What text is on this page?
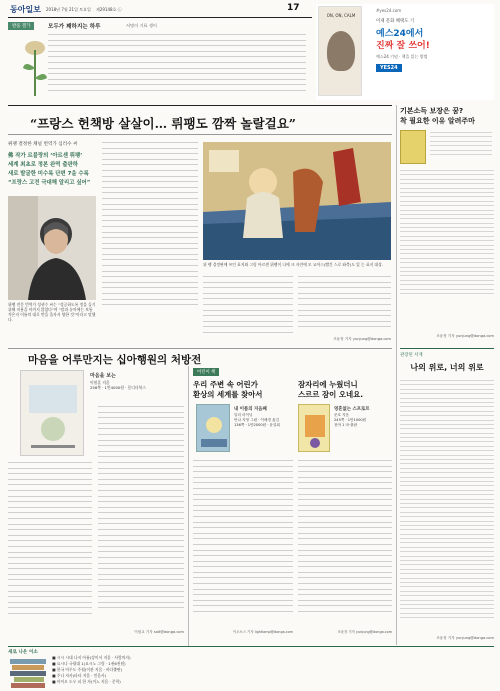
동아일보 2018년 7월 21일 토요일 제29148호 ㉡	17
발품 갤가	모두가 꽤하지는 하루	서명이 기표 생이
ON, ON, CALM
#yes24.com
이제 문화 혜택도 기
예스24에서
진짜 잘 쓰어!
예스24 기념 · 책을 읽는 방법
YES24
“프랑스 헌책방 살살이… 뤼팽도 깜짝 놀랄걸요”
뤼팽 결정한 채널 번역가 심러수 씨
佛 작가 르블랑의 ‘아르센 뤼팽’
세계 최초로 정본 완역 출판하
새로 발굴한 미수록 단편 7을 수록
“프랑스 고전 극대해 알리고 싶어”
뤼팽 전문 번역가 성귀수 씨는 “성공하도록 정을 들기 위해 비용을 아끼지 않았다”며 “말과 유마에는 보통 적은지 이름의 대로 반을 올자서 양한 것”이라고 말했다.
위 팽 결정판에 쓰인 표지와 그림 아르센 뤼팽이 나에 크 자전에 모 요어스(빨간 스로 좌측)도 있 는 표지 대상.
조윤정 기자 yunjung@donga.com
기본소득 보장은 꿈?
착 필요한 이유 알려주마
조윤정 기자 yunjung@donga.com
관장된 서재
나의 위로, 너의 위로
조윤정 기자 yunjung@donga.com
마음을 어루만지는 십아행원의 처방전
마음을 보는
이원훈 지음
256쪽 · 1만4000원 · 몽디더북스
이원교 기자 salt@donga.com
어린이 책
우리 주변 속 어린가
환상의 세계를 찾아서
잠자리에 누웠더니
스르르 잠이 오네요.
내 이름의 지음째
알리 마이닝
안나 지영 그림 · 이혜경 옮김
136쪽 · 1만2000원 · 윤얼회
영혼없는 스프로르
문호 지음
245쪽 · 1만1000원
천야 1 마·출판
이오소스 기자 lightlamp@donga.com	조윤정 기자 yunjung@donga.com
새로 나온 이소
■ 시시 시대 나지 아름(강이서 지음 · 사람의자)
■ 요시나 국립대 1(요시노 그림 · 1권6천원)
■ 한국 아무도 주월(이관 지음 · 바다출판)
■ 주나 자사(타타 지음 · 민음사)
■ 아이오 도우 피 한 자(이노 지음 · 문학)
